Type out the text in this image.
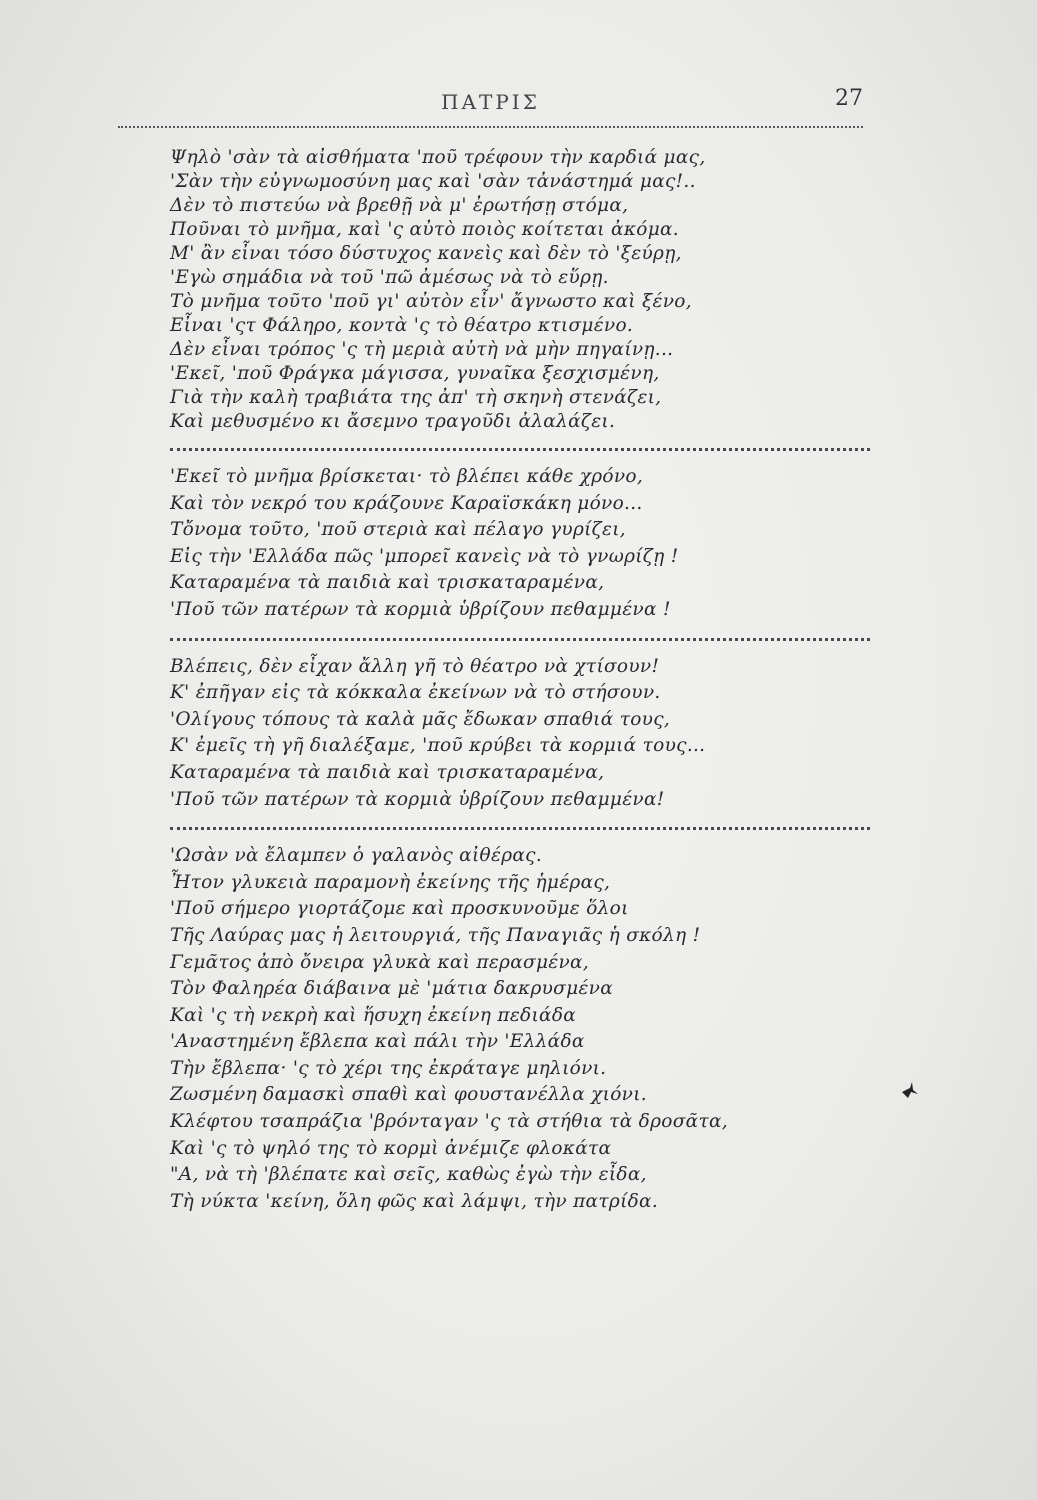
ΠΑΤΡΙΣ	27
Ψηλὸ 'σὰν τὰ αἰσθήματα 'ποῦ τρέφουν τὴν καρδιά μας,
'Σὰν τὴν εὐγνωμοσύνη μας καὶ 'σὰν τἀνάστημά μας!..
Δὲν τὸ πιστεύω νὰ βρεθῇ νὰ μ' ἐρωτήσῃ στόμα,
Ποῦναι τὸ μνῆμα, καὶ 'ς αὐτὸ ποιὸς κοίτεται ἀκόμα.
Μ' ἂν εἶναι τόσο δύστυχος κανεὶς καὶ δὲν τὸ 'ξεύρῃ,
'Εγὼ σημάδια νὰ τοῦ 'πῶ ἀμέσως νὰ τὸ εὕρῃ.
Τὸ μνῆμα τοῦτο 'ποῦ γι' αὐτὸν εἶν' ἄγνωστο καὶ ξένο,
Εἶναι 'ςτ Φάληρο, κοντὰ 'ς τὸ θέατρο κτισμένο.
Δὲν εἶναι τρόπος 'ς τὴ μεριὰ αὐτὴ νὰ μὴν πηγαίνῃ...
'Εκεῖ, 'ποῦ Φράγκα μάγισσα, γυναῖκα ξεσχισμένη,
Γιὰ τὴν καλὴ τραβιάτα της ἀπ' τὴ σκηνὴ στενάζει,
Καὶ μεθυσμένο κι ἄσεμνο τραγοῦδι ἀλαλάζει.
'Εκεῖ τὸ μνῆμα βρίσκεται· τὸ βλέπει κάθε χρόνο,
Καὶ τὸν νεκρό του κράζουνε Καραϊσκάκη μόνο...
Τὄνομα τοῦτο, 'ποῦ στεριὰ καὶ πέλαγο γυρίζει,
Εἰς τὴν 'Ελλάδα πῶς 'μπορεῖ κανεὶς νὰ τὸ γνωρίζῃ !
Καταραμένα τὰ παιδιὰ καὶ τρισκαταραμένα,
'Ποῦ τῶν πατέρων τὰ κορμιὰ ὑβρίζουν πεθαμμένα !
Βλέπεις, δὲν εἶχαν ἄλλη γῆ τὸ θέατρο νὰ χτίσουν!
Κ' ἐπῆγαν εἰς τὰ κόκκαλα ἐκείνων νὰ τὸ στήσουν.
'Ολίγους τόπους τὰ καλὰ μᾶς ἔδωκαν σπαθιά τους,
Κ' ἐμεῖς τὴ γῆ διαλέξαμε, 'ποῦ κρύβει τὰ κορμιά τους...
Καταραμένα τὰ παιδιὰ καὶ τρισκαταραμένα,
'Ποῦ τῶν πατέρων τὰ κορμιὰ ὑβρίζουν πεθαμμένα!
'Ωσὰν νὰ ἔλαμπεν ὁ γαλανὸς αἰθέρας.
Ἦτον γλυκειὰ παραμονὴ ἐκείνης τῆς ἡμέρας,
'Ποῦ σήμερο γιορτάζομε καὶ προσκυνοῦμε ὅλοι
Τῆς Λαύρας μας ἡ λειτουργιά, τῆς Παναγιᾶς ἡ σκόλη !
Γεμᾶτος ἀπὸ ὄνειρα γλυκὰ καὶ περασμένα,
Τὸν Φαληρέα διάβαινα μὲ 'μάτια δακρυσμένα
Καὶ 'ς τὴ νεκρὴ καὶ ἥσυχη ἐκείνη πεδιάδα
'Αναστημένη ἔβλεπα καὶ πάλι τὴν 'Ελλάδα
Τὴν ἔβλεπα· 'ς τὸ χέρι της ἐκράταγε μηλιόνι.
Ζωσμένη δαμασκὶ σπαθὶ καὶ φουστανέλλα χιόνι.
Κλέφτου τσαπράζια 'βρόνταγαν 'ς τὰ στήθια τὰ δροσᾶτα,
Καὶ 'ς τὸ ψηλό της τὸ κορμὶ ἀνέμιζε φλοκάτα
"Α, νὰ τὴ 'βλέπατε καὶ σεῖς, καθὼς ἐγὼ τὴν εἶδα,
Τὴ νύκτα 'κείνη, ὅλη φῶς καὶ λάμψι, τὴν πατρίδα.
